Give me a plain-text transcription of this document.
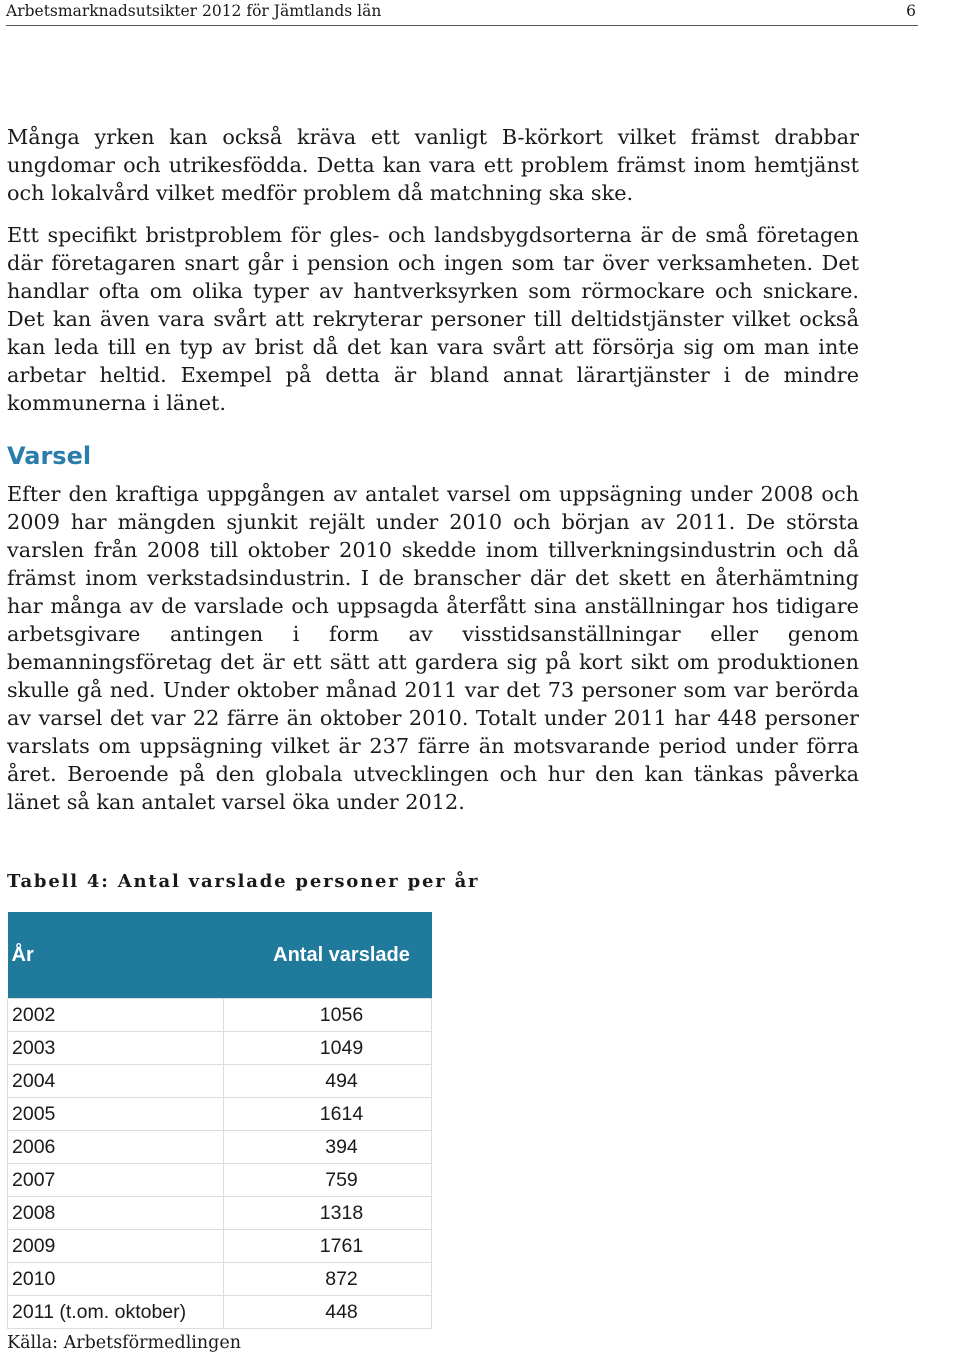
Arbetsmarknadsutsikter 2012 för Jämtlands län	6

Många yrken kan också kräva ett vanligt B-körkort vilket främst drabbar ungdomar och utrikesfödda. Detta kan vara ett problem främst inom hemtjänst och lokalvård vilket medför problem då matchning ska ske.

Ett specifikt bristproblem för gles- och landsbygdsorterna är de små företagen där företagaren snart går i pension och ingen som tar över verksamheten. Det handlar ofta om olika typer av hantverksyrken som rörmockare och snickare. Det kan även vara svårt att rekryterar personer till deltidstjänster vilket också kan leda till en typ av brist då det kan vara svårt att försörja sig om man inte arbetar heltid. Exempel på detta är bland annat lärartjänster i de mindre kommunerna i länet.

Varsel

Efter den kraftiga uppgången av antalet varsel om uppsägning under 2008 och 2009 har mängden sjunkit rejält under 2010 och början av 2011. De största varslen från 2008 till oktober 2010 skedde inom tillverkningsindustrin och då främst inom verkstadsindustrin. I de branscher där det skett en återhämtning har många av de varslade och uppsagda återfått sina anställningar hos tidigare arbetsgivare antingen i form av visstidsanställningar eller genom bemanningsföretag det är ett sätt att gardera sig på kort sikt om produktionen skulle gå ned. Under oktober månad 2011 var det 73 personer som var berörda av varsel det var 22 färre än oktober 2010. Totalt under 2011 har 448 personer varslats om uppsägning vilket är 237 färre än motsvarande period under förra året. Beroende på den globala utvecklingen och hur den kan tänkas påverka länet så kan antalet varsel öka under 2012.

Tabell 4: Antal varslade personer per år

År	Antal varslade
2002	1056
2003	1049
2004	494
2005	1614
2006	394
2007	759
2008	1318
2009	1761
2010	872
2011 (t.om. oktober)	448

Källa: Arbetsförmedlingen
